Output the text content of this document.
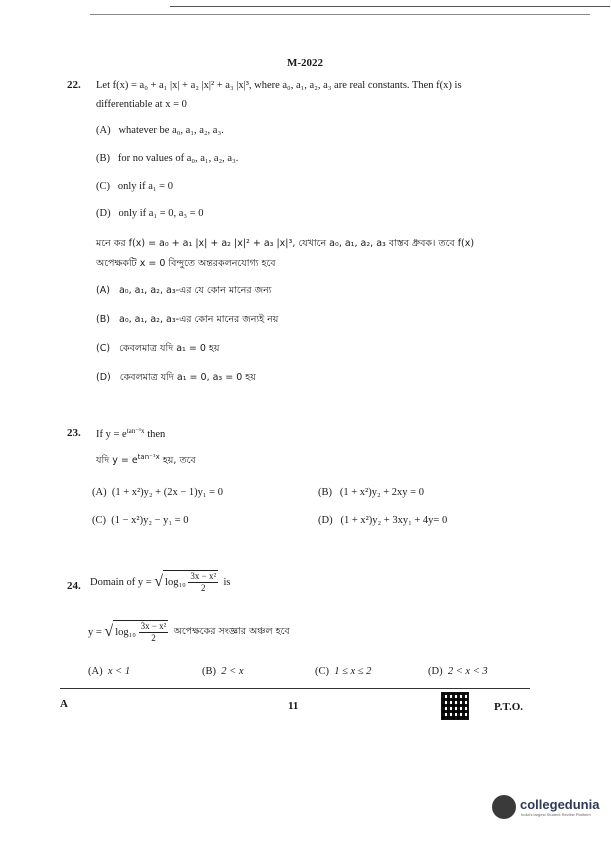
M-2022
22. Let f(x) = a₀ + a₁ |x| + a₂ |x|² + a₃ |x|³, where a₀, a₁, a₂, a₃ are real constants. Then f(x) is
differentiable at x = 0
(A) whatever be a₀, a₁, a₂, a₃.
(B) for no values of a₀, a₁, a₂, a₃.
(C) only if a₁ = 0
(D) only if a₁ = 0, a₃ = 0
মনে কর f(x) = a₀ + a₁ |x| + a₂ |x|² + a₃ |x|³, যেখানে a₀, a₁, a₂, a₃ বাস্তব ধ্রুবক। তবে f(x)
অপেক্ষকটি x = 0 বিন্দুতে অন্তরকলনযোগ্য হবে
(A) a₀, a₁, a₂, a₃-এর যে কোন মানের জন্য
(B) a₀, a₁, a₂, a₃-এর কোন মানের জন্যই নয়
(C) কেবলমাত্র যদি a₁ = 0 হয়
(D) কেবলমাত্র যদি a₁ = 0, a₃ = 0 হয়
23. If $y = e^{tan^{-1}x}$ then
যদি $y = e^{tan^{-1}x}$ হয়, তবে
(A) (1 + x²)y₂ + (2x − 1)y₁ = 0	(B) (1 + x²)y₂ + 2xy = 0
(C) (1 − x²)y₂ − y₁ = 0	(D) (1 + x²)y₂ + 3xy₁ + 4y= 0
24. Domain of y =
√ log₁₀
$\frac{\text{3x − x²}}{2}$
is
y =
√ log₁₀
$\frac{\text{3x − x²}}{2}$
অপেক্ষকের সংজ্ঞার অঞ্চল হবে
(A) x < 1	(B) 2 < x	(C) 1 ≤ x ≤ 2	(D) 2 < x < 3
A	11	P.T.O.
collegedunia
India's largest Student Review Platform
